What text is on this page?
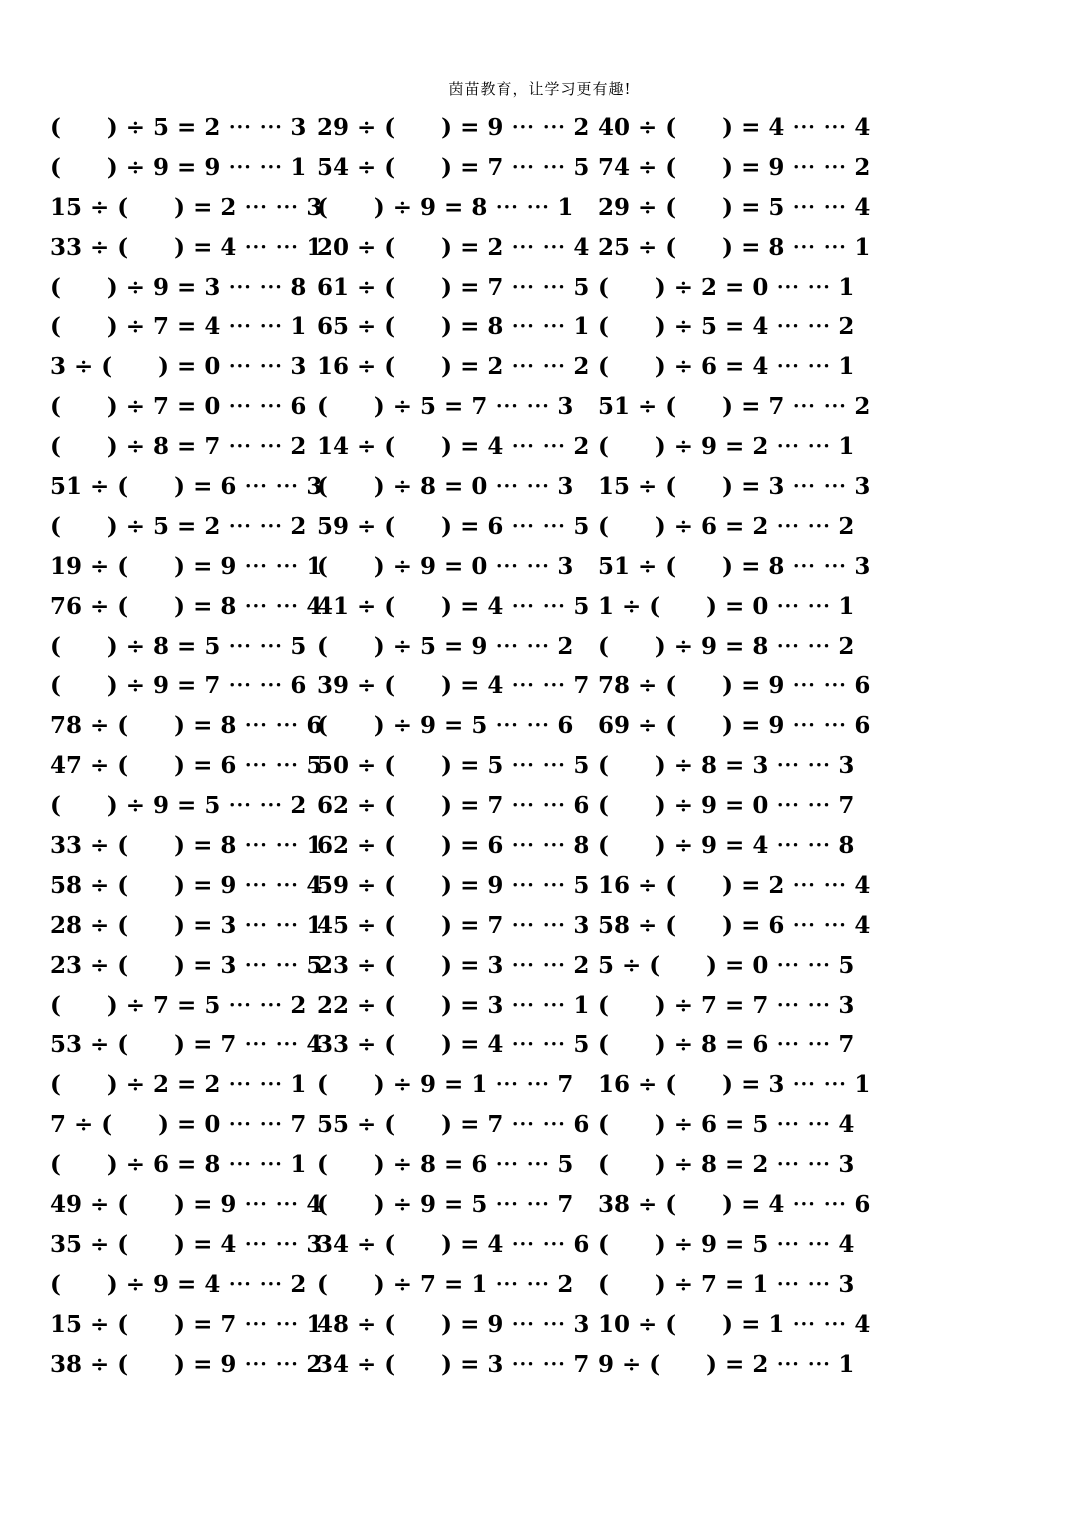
茵苗教育，让学习更有趣!
(　　) ÷ 5 = 2 ⋯ ⋯ 3 29 ÷ (　　) = 9 ⋯ ⋯ 2 40 ÷ (　　) = 4 ⋯ ⋯ 4
(　　) ÷ 9 = 9 ⋯ ⋯ 1 54 ÷ (　　) = 7 ⋯ ⋯ 5 74 ÷ (　　) = 9 ⋯ ⋯ 2
15 ÷ (　　) = 2 ⋯ ⋯ 3
(　　) ÷ 9 = 8 ⋯ ⋯ 1 29 ÷ (　　) = 5 ⋯ ⋯ 4
33 ÷ (　　) = 4 ⋯ ⋯ 1
20 ÷ (　　) = 2 ⋯ ⋯ 4 25 ÷ (　　) = 8 ⋯ ⋯ 1
(　　) ÷ 9 = 3 ⋯ ⋯ 8 61 ÷ (　　) = 7 ⋯ ⋯ 5 (　　) ÷ 2 = 0 ⋯ ⋯ 1
(　　) ÷ 7 = 4 ⋯ ⋯ 1 65 ÷ (　　) = 8 ⋯ ⋯ 1 (　　) ÷ 5 = 4 ⋯ ⋯ 2
3 ÷ (　　) = 0 ⋯ ⋯ 3 16 ÷ (　　) = 2 ⋯ ⋯ 2 (　　) ÷ 6 = 4 ⋯ ⋯ 1
(　　) ÷ 7 = 0 ⋯ ⋯ 6 (　　) ÷ 5 = 7 ⋯ ⋯ 3 51 ÷ (　　) = 7 ⋯ ⋯ 2
(　　) ÷ 8 = 7 ⋯ ⋯ 2 14 ÷ (　　) = 4 ⋯ ⋯ 2 (　　) ÷ 9 = 2 ⋯ ⋯ 1
51 ÷ (　　) = 6 ⋯ ⋯ 3
(　　) ÷ 8 = 0 ⋯ ⋯ 3 15 ÷ (　　) = 3 ⋯ ⋯ 3
(　　) ÷ 5 = 2 ⋯ ⋯ 2 59 ÷ (　　) = 6 ⋯ ⋯ 5 (　　) ÷ 6 = 2 ⋯ ⋯ 2
19 ÷ (　　) = 9 ⋯ ⋯ 1
(　　) ÷ 9 = 0 ⋯ ⋯ 3 51 ÷ (　　) = 8 ⋯ ⋯ 3
76 ÷ (　　) = 8 ⋯ ⋯ 4
41 ÷ (　　) = 4 ⋯ ⋯ 5 1 ÷ (　　) = 0 ⋯ ⋯ 1
(　　) ÷ 8 = 5 ⋯ ⋯ 5 (　　) ÷ 5 = 9 ⋯ ⋯ 2 (　　) ÷ 9 = 8 ⋯ ⋯ 2
(　　) ÷ 9 = 7 ⋯ ⋯ 6 39 ÷ (　　) = 4 ⋯ ⋯ 7 78 ÷ (　　) = 9 ⋯ ⋯ 6
78 ÷ (　　) = 8 ⋯ ⋯ 6
(　　) ÷ 9 = 5 ⋯ ⋯ 6 69 ÷ (　　) = 9 ⋯ ⋯ 6
47 ÷ (　　) = 6 ⋯ ⋯ 5
50 ÷ (　　) = 5 ⋯ ⋯ 5 (　　) ÷ 8 = 3 ⋯ ⋯ 3
(　　) ÷ 9 = 5 ⋯ ⋯ 2 62 ÷ (　　) = 7 ⋯ ⋯ 6 (　　) ÷ 9 = 0 ⋯ ⋯ 7
33 ÷ (　　) = 8 ⋯ ⋯ 1
62 ÷ (　　) = 6 ⋯ ⋯ 8 (　　) ÷ 9 = 4 ⋯ ⋯ 8
58 ÷ (　　) = 9 ⋯ ⋯ 4
59 ÷ (　　) = 9 ⋯ ⋯ 5 16 ÷ (　　) = 2 ⋯ ⋯ 4
28 ÷ (　　) = 3 ⋯ ⋯ 1
45 ÷ (　　) = 7 ⋯ ⋯ 3 58 ÷ (　　) = 6 ⋯ ⋯ 4
23 ÷ (　　) = 3 ⋯ ⋯ 5
23 ÷ (　　) = 3 ⋯ ⋯ 2 5 ÷ (　　) = 0 ⋯ ⋯ 5
(　　) ÷ 7 = 5 ⋯ ⋯ 2 22 ÷ (　　) = 3 ⋯ ⋯ 1 (　　) ÷ 7 = 7 ⋯ ⋯ 3
53 ÷ (　　) = 7 ⋯ ⋯ 4
33 ÷ (　　) = 4 ⋯ ⋯ 5 (　　) ÷ 8 = 6 ⋯ ⋯ 7
(　　) ÷ 2 = 2 ⋯ ⋯ 1 (　　) ÷ 9 = 1 ⋯ ⋯ 7 16 ÷ (　　) = 3 ⋯ ⋯ 1
7 ÷ (　　) = 0 ⋯ ⋯ 7 55 ÷ (　　) = 7 ⋯ ⋯ 6 (　　) ÷ 6 = 5 ⋯ ⋯ 4
(　　) ÷ 6 = 8 ⋯ ⋯ 1 (　　) ÷ 8 = 6 ⋯ ⋯ 5 (　　) ÷ 8 = 2 ⋯ ⋯ 3
49 ÷ (　　) = 9 ⋯ ⋯ 4
(　　) ÷ 9 = 5 ⋯ ⋯ 7 38 ÷ (　　) = 4 ⋯ ⋯ 6
35 ÷ (　　) = 4 ⋯ ⋯ 3
34 ÷ (　　) = 4 ⋯ ⋯ 6 (　　) ÷ 9 = 5 ⋯ ⋯ 4
(　　) ÷ 9 = 4 ⋯ ⋯ 2 (　　) ÷ 7 = 1 ⋯ ⋯ 2 (　　) ÷ 7 = 1 ⋯ ⋯ 3
15 ÷ (　　) = 7 ⋯ ⋯ 1
48 ÷ (　　) = 9 ⋯ ⋯ 3 10 ÷ (　　) = 1 ⋯ ⋯ 4
38 ÷ (　　) = 9 ⋯ ⋯ 2
34 ÷ (　　) = 3 ⋯ ⋯ 7 9 ÷ (　　) = 2 ⋯ ⋯ 1
